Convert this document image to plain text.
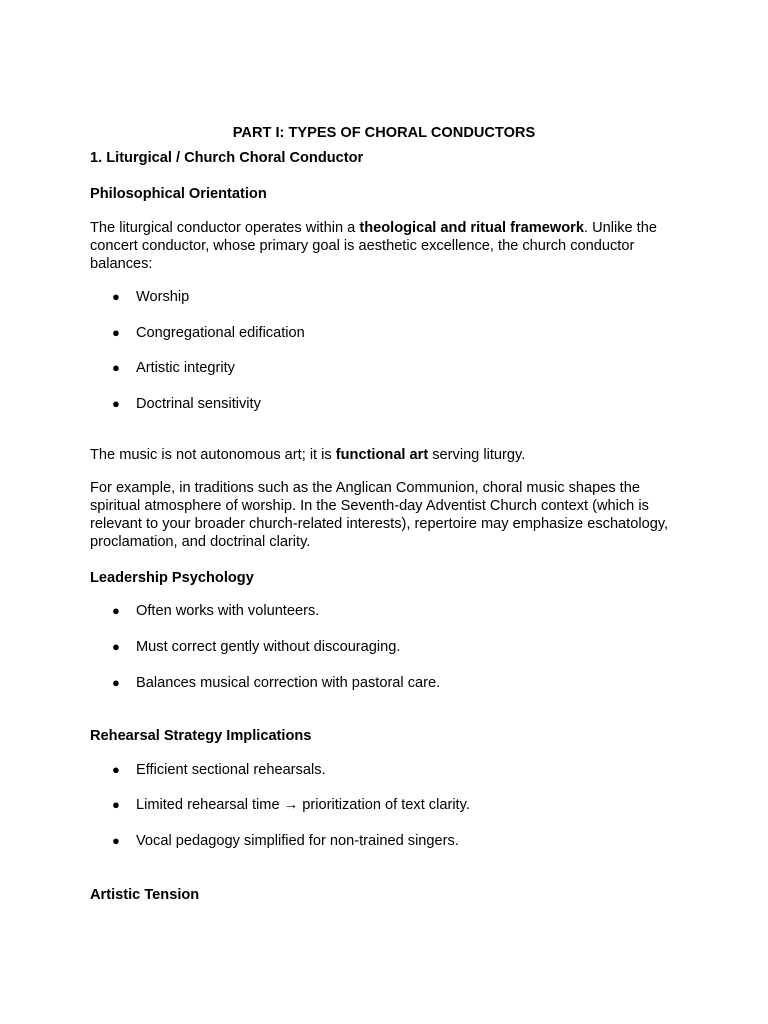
PART I: TYPES OF CHORAL CONDUCTORS
1. Liturgical / Church Choral Conductor
Philosophical Orientation
The liturgical conductor operates within a theological and ritual framework. Unlike the concert conductor, whose primary goal is aesthetic excellence, the church conductor balances:
● Worship
● Congregational edification
● Artistic integrity
● Doctrinal sensitivity
The music is not autonomous art; it is functional art serving liturgy.
For example, in traditions such as the Anglican Communion, choral music shapes the spiritual atmosphere of worship. In the Seventh-day Adventist Church context (which is relevant to your broader church-related interests), repertoire may emphasize eschatology, proclamation, and doctrinal clarity.
Leadership Psychology
● Often works with volunteers.
● Must correct gently without discouraging.
● Balances musical correction with pastoral care.
Rehearsal Strategy Implications
● Efficient sectional rehearsals.
● Limited rehearsal time → prioritization of text clarity.
● Vocal pedagogy simplified for non-trained singers.
Artistic Tension
